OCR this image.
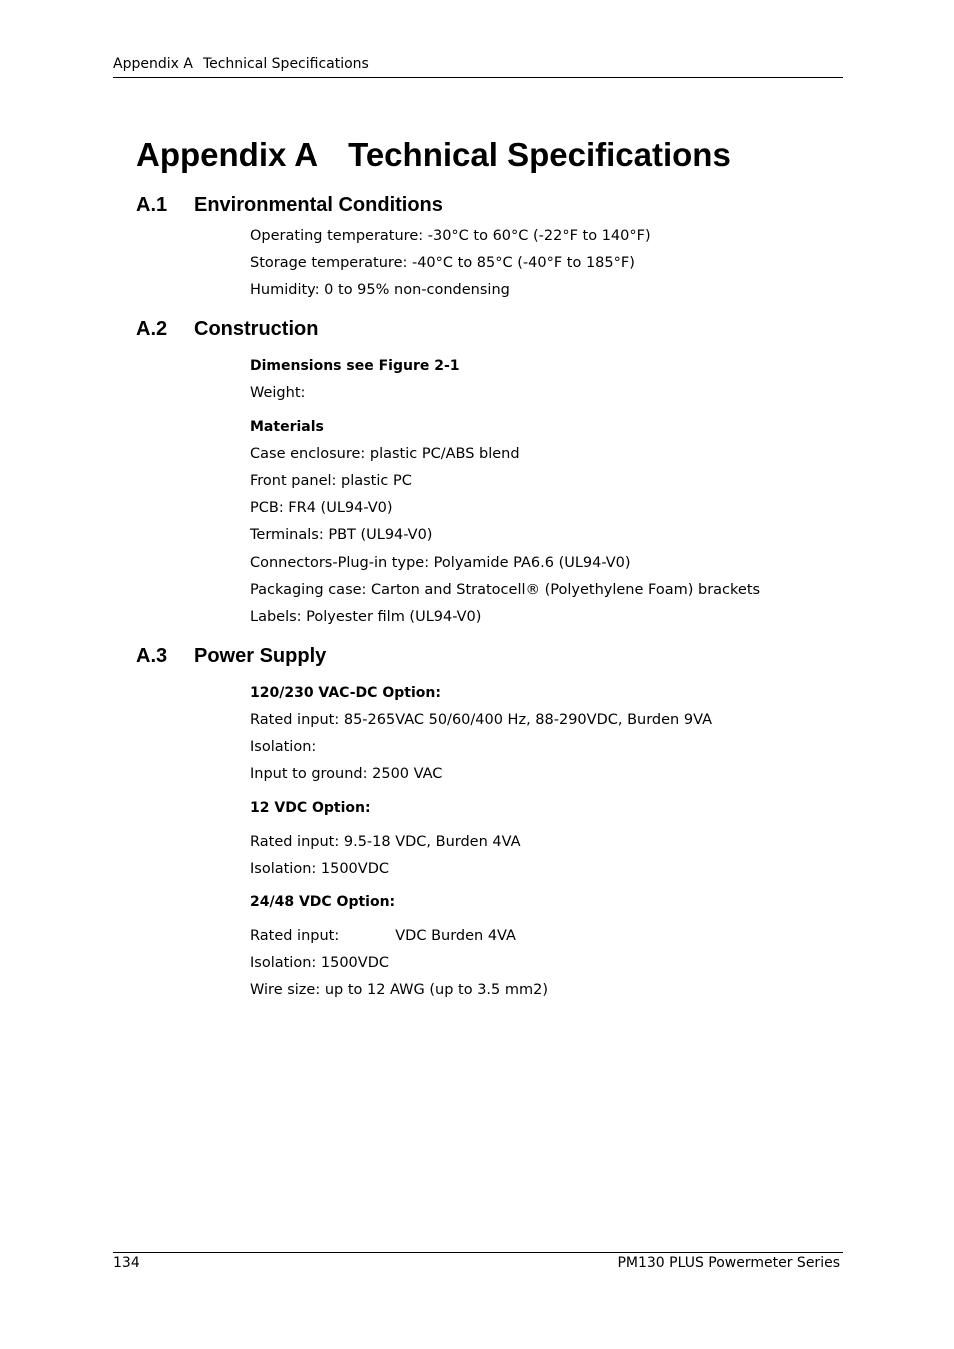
Appendix A Technical Specifications
Appendix A Technical Specifications
A.1 Environmental Conditions
Operating temperature: -30°C to 60°C (-22°F to 140°F)
Storage temperature: -40°C to 85°C (-40°F to 185°F)
Humidity: 0 to 95% non-condensing
A.2 Construction
Dimensions see Figure 2-1
Weight:
Materials
Case enclosure: plastic PC/ABS blend
Front panel: plastic PC
PCB: FR4 (UL94-V0)
Terminals: PBT (UL94-V0)
Connectors-Plug-in type: Polyamide PA6.6 (UL94-V0)
Packaging case: Carton and Stratocell® (Polyethylene Foam) brackets
Labels: Polyester film (UL94-V0)
A.3 Power Supply
120/230 VAC-DC Option:
Rated input: 85-265VAC 50/60/400 Hz, 88-290VDC, Burden 9VA
Isolation:
Input to ground: 2500 VAC
12 VDC Option:
Rated input: 9.5-18 VDC, Burden 4VA
Isolation: 1500VDC
24/48 VDC Option:
Rated input:	VDC Burden 4VA
Isolation: 1500VDC
Wire size: up to 12 AWG (up to 3.5 mm2)
134	PM130 PLUS Powermeter Series
